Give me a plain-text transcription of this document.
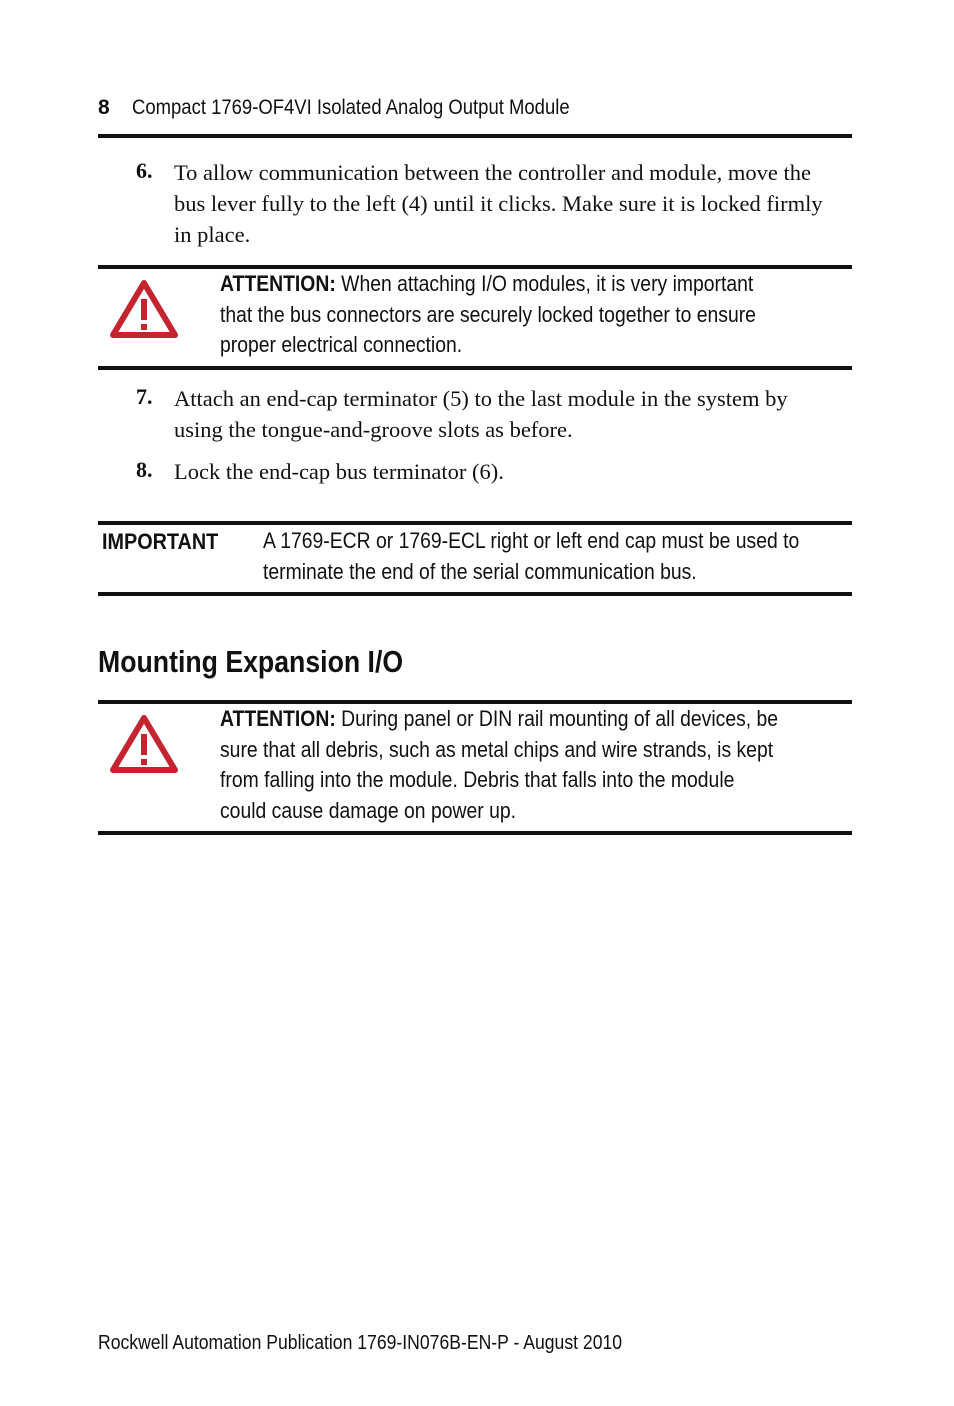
8 Compact 1769-OF4VI Isolated Analog Output Module
6. To allow communication between the controller and module, move the
bus lever fully to the left (4) until it clicks. Make sure it is locked firmly
in place.
ATTENTION: When attaching I/O modules, it is very important
that the bus connectors are securely locked together to ensure
proper electrical connection.
7. Attach an end-cap terminator (5) to the last module in the system by
using the tongue-and-groove slots as before.
8. Lock the end-cap bus terminator (6).
IMPORTANT A 1769-ECR or 1769-ECL right or left end cap must be used to
terminate the end of the serial communication bus.
Mounting Expansion I/O
ATTENTION: During panel or DIN rail mounting of all devices, be
sure that all debris, such as metal chips and wire strands, is kept
from falling into the module. Debris that falls into the module
could cause damage on power up.
Rockwell Automation Publication 1769-IN076B-EN-P - August 2010
